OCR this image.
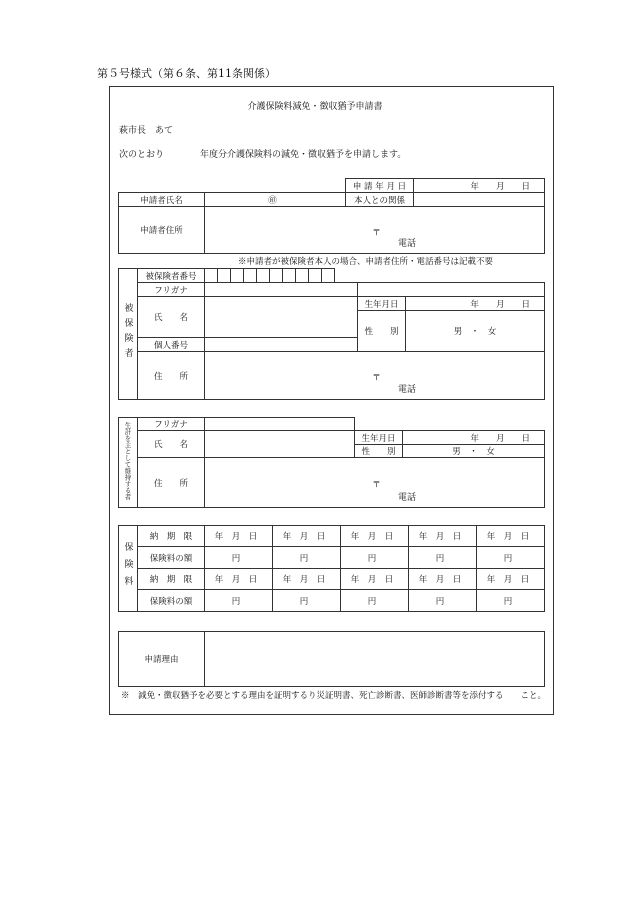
第５号様式（第６条、第11条関係）
介護保険料減免・徴収猶予申請書
萩市長　あて
次のとおり　　　　年度分介護保険料の減免・徴収猶予を申請します。
		申 請 年 月 日	年　　月　　日
申請者氏名	㊞	本人との関係	
申請者住所	〒
電話		
※申請者が被保険者本人の場合、申請者住所・電話番号は記載不要
被保険者	被保険者番号													
	フリガナ													
	氏　　名												生年月日	年　　月　　日
													性　　別	男　・　女
	個人番号													
	住　　所	〒
電話												
生計を主として維持する者	フリガナ			
	氏　　名		生年月日	年　　月　　日
			性　　別	男　・　女
	住　　所	〒
電話		
保険料	納　期　限	年　月　日	年　月　日	年　月　日	年　月　日	年　月　日
	保険料の額	円	円	円	円	円
	納　期　限	年　月　日	年　月　日	年　月　日	年　月　日	年　月　日
	保険料の額	円	円	円	円	円
申請理由	
※　減免・徴収猶予を必要とする理由を証明するり災証明書、死亡診断書、医師診断書等を添付する　　こと。
